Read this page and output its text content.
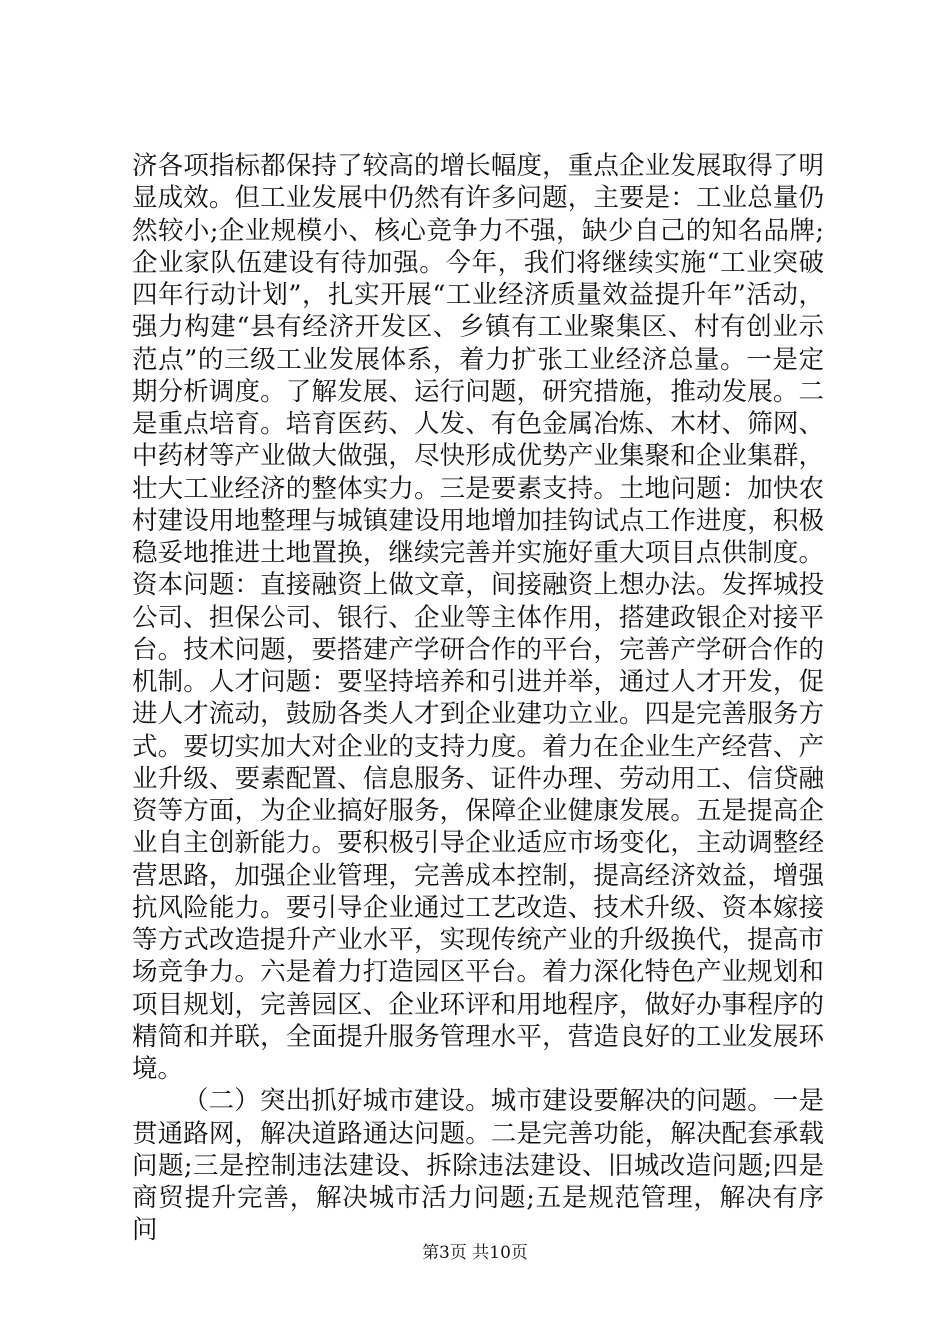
济各项指标都保持了较高的增长幅度，重点企业发展取得了明显成效。但工业发展中仍然有许多问题，主要是：工业总量仍然较小;企业规模小、核心竞争力不强，缺少自己的知名品牌;企业家队伍建设有待加强。今年，我们将继续实施“工业突破四年行动计划”，扎实开展“工业经济质量效益提升年”活动，强力构建“县有经济开发区、乡镇有工业聚集区、村有创业示范点”的三级工业发展体系，着力扩张工业经济总量。一是定期分析调度。了解发展、运行问题，研究措施，推动发展。二是重点培育。培育医药、人发、有色金属冶炼、木材、筛网、中药材等产业做大做强，尽快形成优势产业集聚和企业集群，壮大工业经济的整体实力。三是要素支持。土地问题：加快农村建设用地整理与城镇建设用地增加挂钩试点工作进度，积极稳妥地推进土地置换，继续完善并实施好重大项目点供制度。资本问题：直接融资上做文章，间接融资上想办法。发挥城投公司、担保公司、银行、企业等主体作用，搭建政银企对接平台。技术问题，要搭建产学研合作的平台，完善产学研合作的机制。人才问题：要坚持培养和引进并举，通过人才开发，促进人才流动，鼓励各类人才到企业建功立业。四是完善服务方式。要切实加大对企业的支持力度。着力在企业生产经营、产业升级、要素配置、信息服务、证件办理、劳动用工、信贷融资等方面，为企业搞好服务，保障企业健康发展。五是提高企业自主创新能力。要积极引导企业适应市场变化，主动调整经营思路，加强企业管理，完善成本控制，提高经济效益，增强抗风险能力。要引导企业通过工艺改造、技术升级、资本嫁接等方式改造提升产业水平，实现传统产业的升级换代，提高市场竞争力。六是着力打造园区平台。着力深化特色产业规划和项目规划，完善园区、企业环评和用地程序，做好办事程序的精简和并联，全面提升服务管理水平，营造良好的工业发展环境。

（二）突出抓好城市建设。城市建设要解决的问题。一是贯通路网，解决道路通达问题。二是完善功能，解决配套承载问题;三是控制违法建设、拆除违法建设、旧城改造问题;四是商贸提升完善，解决城市活力问题;五是规范管理，解决有序问

第3页 共10页
